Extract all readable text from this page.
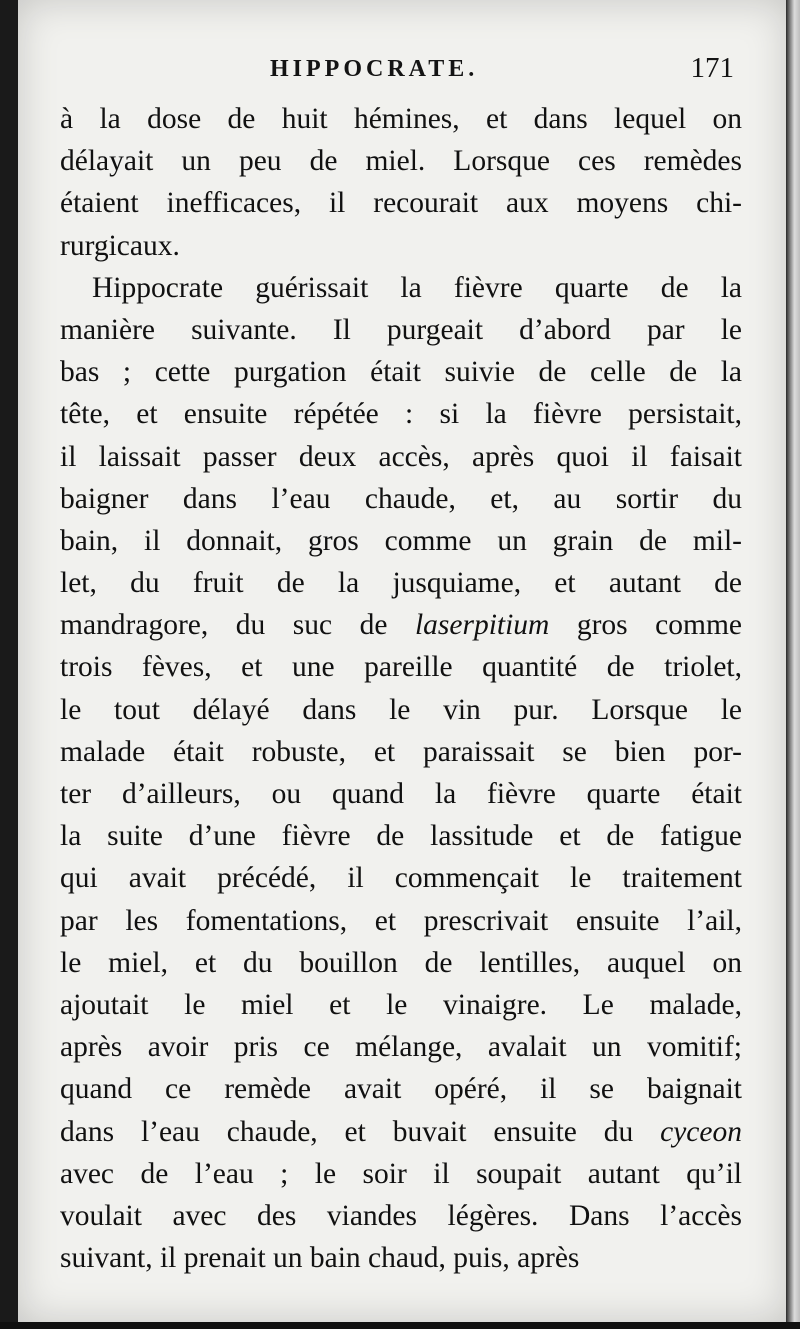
HIPPOCRATE.	171
à la dose de huit hémines, et dans lequel on
délayait un peu de miel. Lorsque ces remèdes
étaient inefficaces, il recourait aux moyens chi-
rurgicaux.
Hippocrate guérissait la fièvre quarte de la
manière suivante. Il purgeait d’abord par le
bas ; cette purgation était suivie de celle de la
tête, et ensuite répétée : si la fièvre persistait,
il laissait passer deux accès, après quoi il faisait
baigner dans l’eau chaude, et, au sortir du
bain, il donnait, gros comme un grain de mil-
let, du fruit de la jusquiame, et autant de
mandragore, du suc de laserpitium gros comme
trois fèves, et une pareille quantité de triolet,
le tout délayé dans le vin pur. Lorsque le
malade était robuste, et paraissait se bien por-
ter d’ailleurs, ou quand la fièvre quarte était
la suite d’une fièvre de lassitude et de fatigue
qui avait précédé, il commençait le traitement
par les fomentations, et prescrivait ensuite l’ail,
le miel, et du bouillon de lentilles, auquel on
ajoutait le miel et le vinaigre. Le malade,
après avoir pris ce mélange, avalait un vomitif;
quand ce remède avait opéré, il se baignait
dans l’eau chaude, et buvait ensuite du cyceon
avec de l’eau ; le soir il soupait autant qu’il
voulait avec des viandes légères. Dans l’accès
suivant, il prenait un bain chaud, puis, après
